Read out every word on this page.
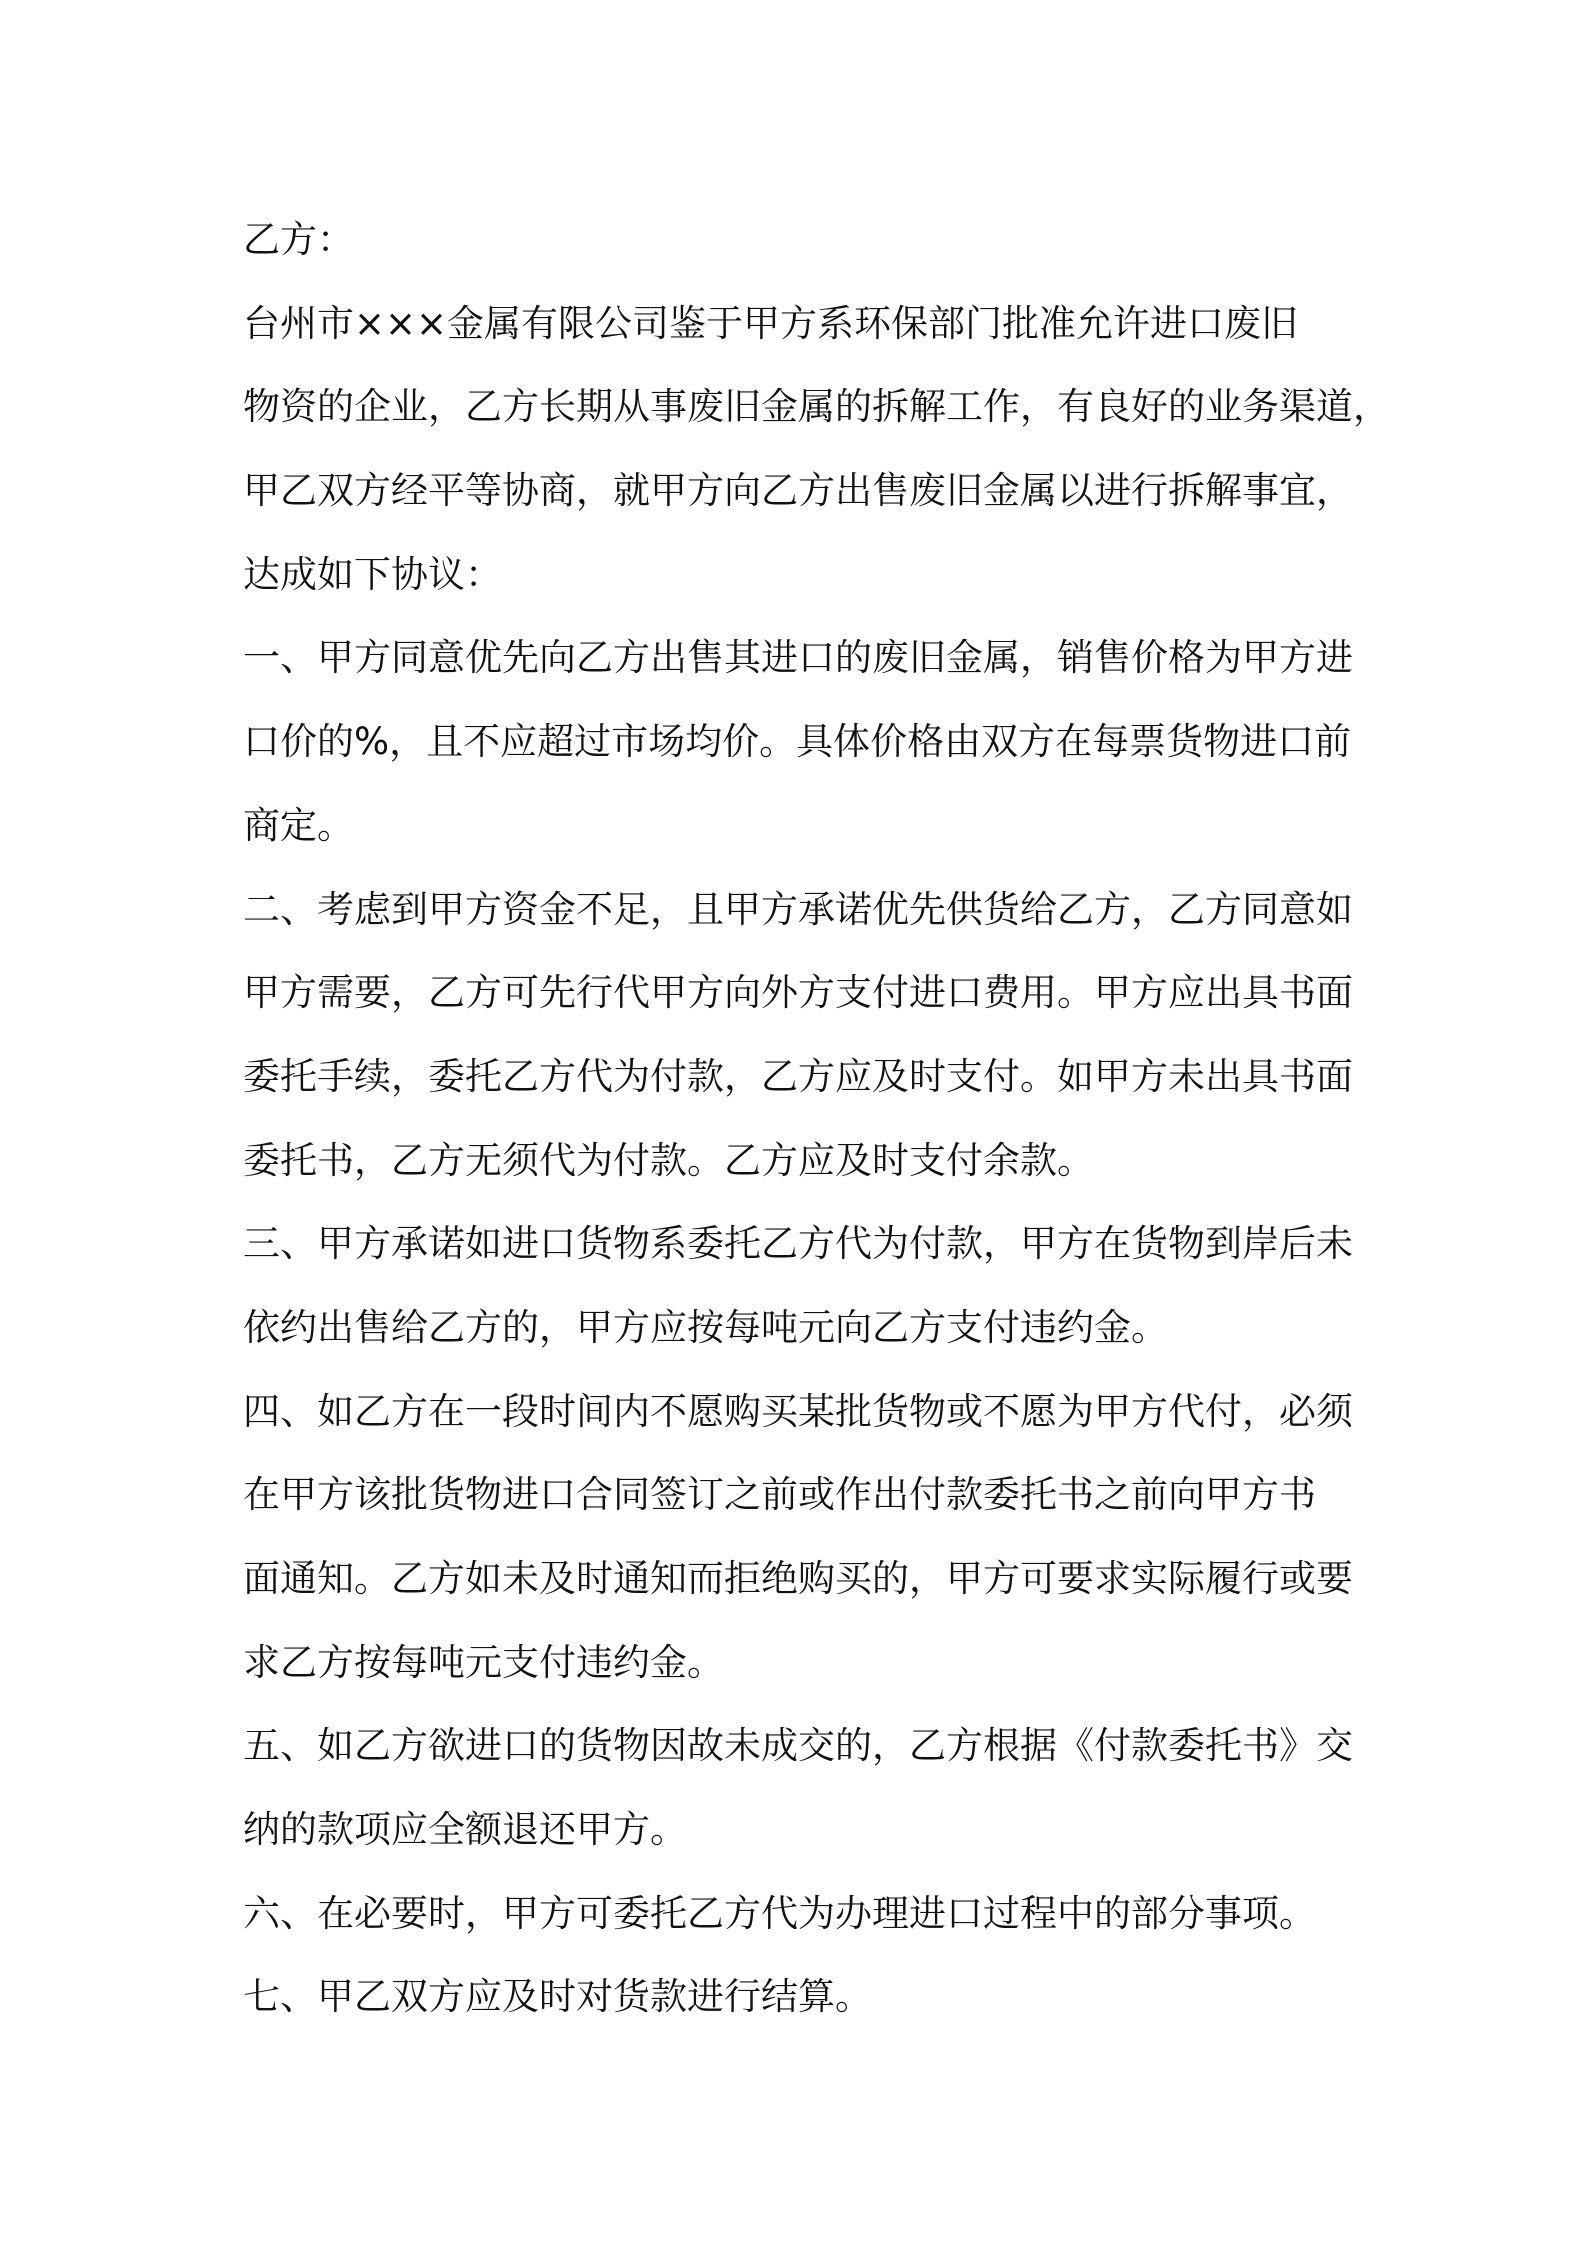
乙方：
台州市×××金属有限公司鉴于甲方系环保部门批准允许进口废旧
物资的企业，乙方长期从事废旧金属的拆解工作，有良好的业务渠道，
甲乙双方经平等协商，就甲方向乙方出售废旧金属以进行拆解事宜，
达成如下协议：
一、甲方同意优先向乙方出售其进口的废旧金属，销售价格为甲方进
口价的%，且不应超过市场均价。具体价格由双方在每票货物进口前
商定。
二、考虑到甲方资金不足，且甲方承诺优先供货给乙方，乙方同意如
甲方需要，乙方可先行代甲方向外方支付进口费用。甲方应出具书面
委托手续，委托乙方代为付款，乙方应及时支付。如甲方未出具书面
委托书，乙方无须代为付款。乙方应及时支付余款。
三、甲方承诺如进口货物系委托乙方代为付款，甲方在货物到岸后未
依约出售给乙方的，甲方应按每吨元向乙方支付违约金。
四、如乙方在一段时间内不愿购买某批货物或不愿为甲方代付，必须
在甲方该批货物进口合同签订之前或作出付款委托书之前向甲方书
面通知。乙方如未及时通知而拒绝购买的，甲方可要求实际履行或要
求乙方按每吨元支付违约金。
五、如乙方欲进口的货物因故未成交的，乙方根据《付款委托书》交
纳的款项应全额退还甲方。
六、在必要时，甲方可委托乙方代为办理进口过程中的部分事项。
七、甲乙双方应及时对货款进行结算。
